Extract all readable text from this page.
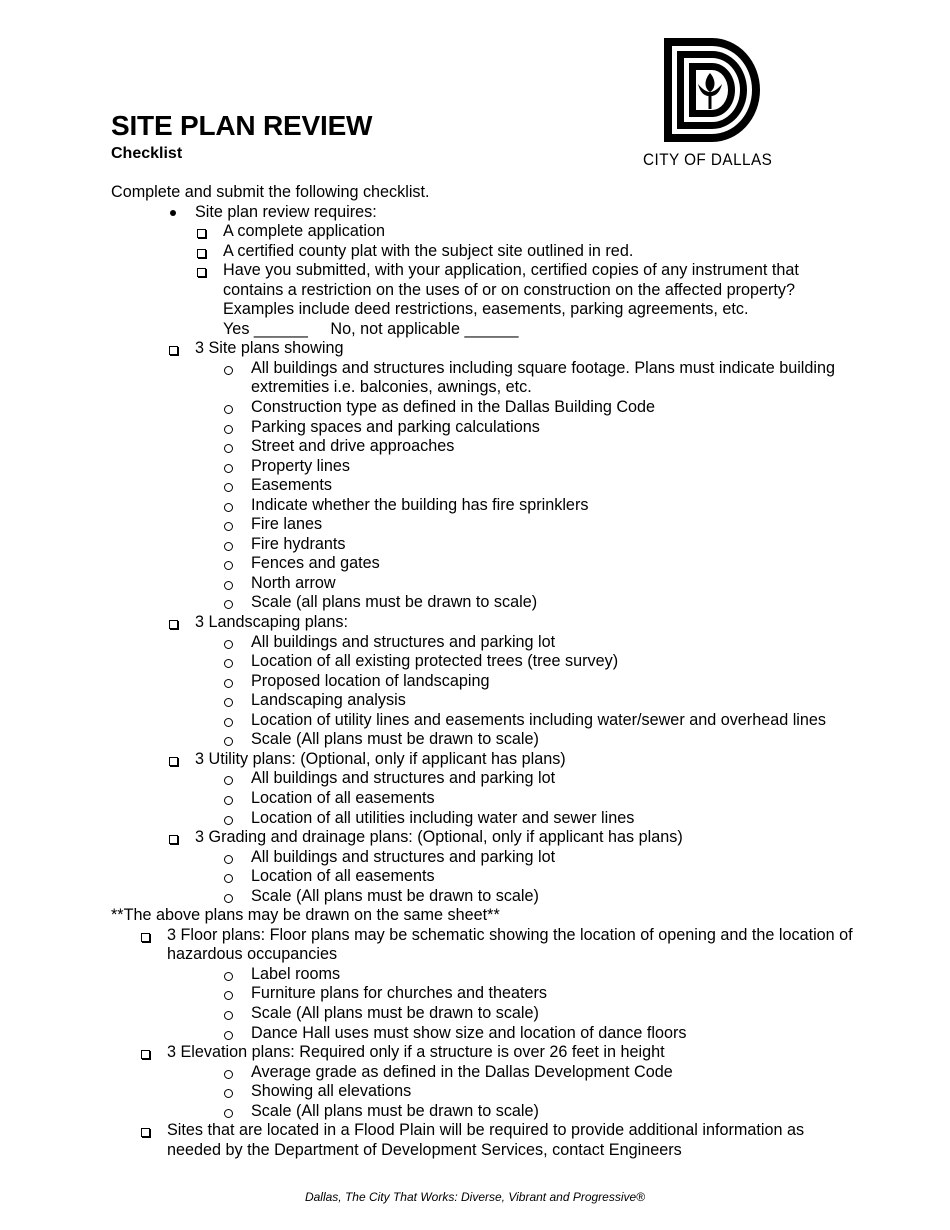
CITY OF DALLAS
SITE PLAN REVIEW
Checklist
Complete and submit the following checklist.
Site plan review requires:
A complete application
A certified county plat with the subject site outlined in red.
Have you submitted, with your application, certified copies of any instrument that contains a restriction on the uses of or on construction on the affected property? Examples include deed restrictions, easements, parking agreements, etc.
Yes ______ No, not applicable ______
3 Site plans showing
All buildings and structures including square footage. Plans must indicate building extremities i.e. balconies, awnings, etc.
Construction type as defined in the Dallas Building Code
Parking spaces and parking calculations
Street and drive approaches
Property lines
Easements
Indicate whether the building has fire sprinklers
Fire lanes
Fire hydrants
Fences and gates
North arrow
Scale (all plans must be drawn to scale)
3 Landscaping plans:
All buildings and structures and parking lot
Location of all existing protected trees (tree survey)
Proposed location of landscaping
Landscaping analysis
Location of utility lines and easements including water/sewer and overhead lines
Scale (All plans must be drawn to scale)
3 Utility plans: (Optional, only if applicant has plans)
All buildings and structures and parking lot
Location of all easements
Location of all utilities including water and sewer lines
3 Grading and drainage plans: (Optional, only if applicant has plans)
All buildings and structures and parking lot
Location of all easements
Scale (All plans must be drawn to scale)
**The above plans may be drawn on the same sheet**
3 Floor plans: Floor plans may be schematic showing the location of opening and the location of hazardous occupancies
Label rooms
Furniture plans for churches and theaters
Scale (All plans must be drawn to scale)
Dance Hall uses must show size and location of dance floors
3 Elevation plans: Required only if a structure is over 26 feet in height
Average grade as defined in the Dallas Development Code
Showing all elevations
Scale (All plans must be drawn to scale)
Sites that are located in a Flood Plain will be required to provide additional information as needed by the Department of Development Services, contact Engineers
Dallas, The City That Works: Diverse, Vibrant and Progressive®
